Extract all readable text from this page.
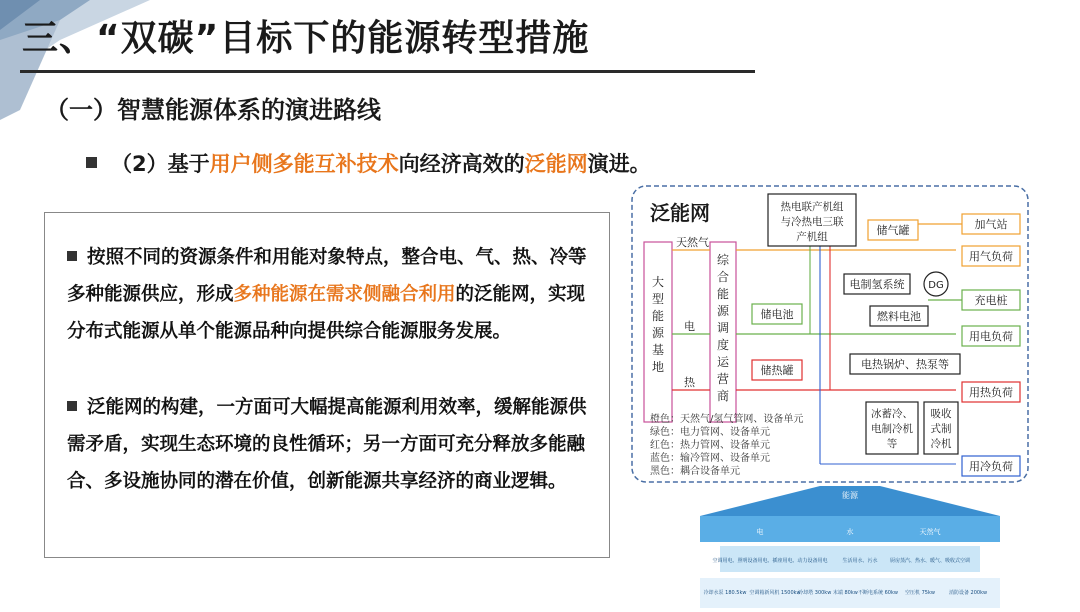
三、“双碳”目标下的能源转型措施
（一）智慧能源体系的演进路线
（2）基于用户侧多能互补技术向经济高效的泛能网演进。
按照不同的资源条件和用能对象特点，整合电、气、热、冷等多种能源供应，形成多种能源在需求侧融合利用的泛能网，实现分布式能源从单个能源品种向提供综合能源服务发展。
泛能网的构建，一方面可大幅提高能源利用效率，缓解能源供需矛盾，实现生态环境的良性循环；另一方面可充分释放多能融合、多设施协同的潜在价值，创新能源共享经济的商业逻辑。
泛能网
大
型
能
源
基
地
综
合
能
源
调
度
运
营
商
天然气
电
热
热电联产机组
与冷热电三联
产机组	储气罐
电制氢系统 DG
燃料电池
储电池
储热罐	电热锅炉、热泵等
冰蓄冷、
电制冷机
等
吸收
式制
冷机
加气站
用气负荷
充电桩
用电负荷
用热负荷
用冷负荷
橙色：天然气/氢气管网、设备单元
绿色：电力管网、设备单元
红色：热力管网、设备单元
蓝色：输冷管网、设备单元
黑色：耦合设备单元
能源
电	水	天然气
空调用电、照明设备用电、插座用电、动力设备用电	生活用水、污水 厨房蒸汽、热水、暖气、吸收式空调
冷却水泵 180.5kw 空调箱新风机 1500kw
冷却塔 300kw 末端 80kw 不断电系统 60kw 空压机 75kw	消防设备 200kw
